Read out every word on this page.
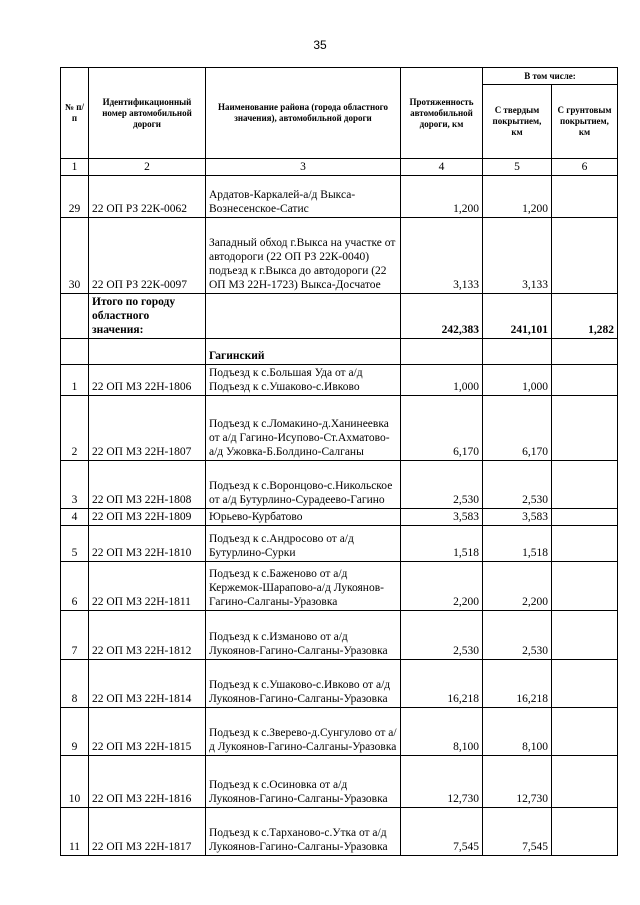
35
№ п/п	Идентификационный номер автомобильной дороги	Наименование района (города областного значения), автомобильной дороги	Протяженность автомобильной дороги, км	В том числе:	
				С твердым покрытием, км	С грунтовым покрытием, км
1	2	3	4	5	6
29	22 ОП РЗ 22К-0062	Ардатов-Каркалей-а/д Выкса-Вознесенское-Сатис	1,200	1,200	
30	22 ОП РЗ 22К-0097	Западный обход г.Выкса на участке от автодороги (22 ОП РЗ 22К-0040) подъезд к г.Выкса до автодороги (22 ОП МЗ 22Н-1723) Выкса-Досчатое	3,133	3,133	
	Итого по городу областного значения:		242,383	241,101	1,282
		Гагинский			
1	22 ОП МЗ 22Н-1806	Подъезд к с.Большая Уда от а/д Подъезд к с.Ушаково-с.Ивково	1,000	1,000	
2	22 ОП МЗ 22Н-1807	Подъезд к с.Ломакино-д.Ханинеевка от а/д Гагино-Исупово-Ст.Ахматово-а/д Ужовка-Б.Болдино-Салганы	6,170	6,170	
3	22 ОП МЗ 22Н-1808	Подъезд к с.Воронцово-с.Никольское от а/д Бутурлино-Сурадеево-Гагино	2,530	2,530	
4	22 ОП МЗ 22Н-1809	Юрьево-Курбатово	3,583	3,583	
5	22 ОП МЗ 22Н-1810	Подъезд к с.Андросово от а/д Бутурлино-Сурки	1,518	1,518	
6	22 ОП МЗ 22Н-1811	Подъезд к с.Баженово от а/д Кержемок-Шарапово-а/д Лукоянов-Гагино-Салганы-Уразовка	2,200	2,200	
7	22 ОП МЗ 22Н-1812	Подъезд к с.Изманово от а/д Лукоянов-Гагино-Салганы-Уразовка	2,530	2,530	
8	22 ОП МЗ 22Н-1814	Подъезд к с.Ушаково-с.Ивково от а/д Лукоянов-Гагино-Салганы-Уразовка	16,218	16,218	
9	22 ОП МЗ 22Н-1815	Подъезд к с.Зверево-д.Сунгулово от а/д Лукоянов-Гагино-Салганы-Уразовка	8,100	8,100	
10	22 ОП МЗ 22Н-1816	Подъезд к с.Осиновка от а/д Лукоянов-Гагино-Салганы-Уразовка	12,730	12,730	
11	22 ОП МЗ 22Н-1817	Подъезд к с.Тарханово-с.Утка от а/д Лукоянов-Гагино-Салганы-Уразовка	7,545	7,545	
